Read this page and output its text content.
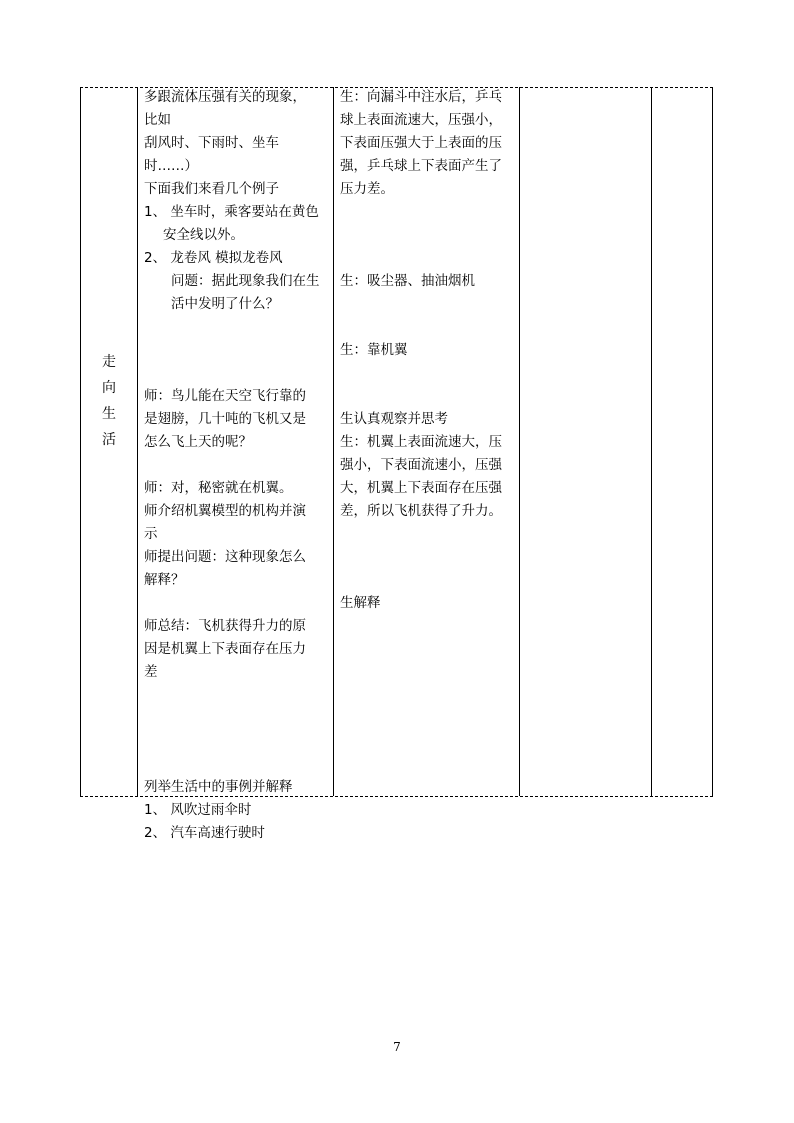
走
向
生
活
多跟流体压强有关的现象，
比如
刮风时、下雨时、坐车
时……）
下面我们来看几个例子
1、 坐车时，乘客要站在黄色
安全线以外。
2、 龙卷风 模拟龙卷风
问题：据此现象我们在生
活中发明了什么？
师：鸟儿能在天空飞行靠的
是翅膀，几十吨的飞机又是
怎么飞上天的呢？
师：对，秘密就在机翼。
师介绍机翼模型的机构并演
示
师提出问题：这种现象怎么
解释？
师总结：飞机获得升力的原
因是机翼上下表面存在压力
差
列举生活中的事例并解释
1、 风吹过雨伞时
2、 汽车高速行驶时
生：向漏斗中注水后，乒乓
球上表面流速大，压强小，
下表面压强大于上表面的压
强，乒乓球上下表面产生了
压力差。
生：吸尘器、抽油烟机
生：靠机翼
生认真观察并思考
生：机翼上表面流速大，压
强小，下表面流速小，压强
大，机翼上下表面存在压强
差，所以飞机获得了升力。
生解释
7
